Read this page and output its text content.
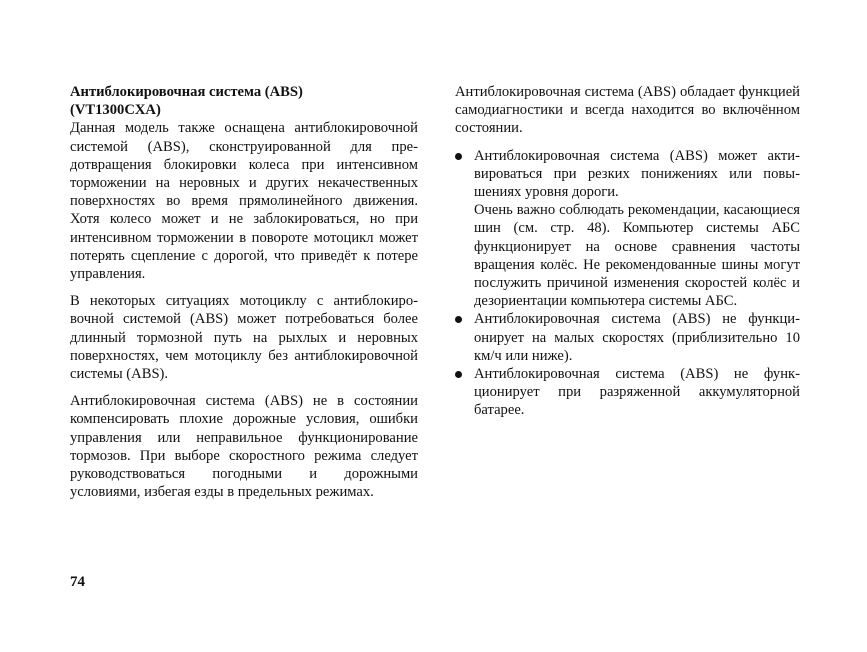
Антиблокировочная система (ABS)

(VT1300CXA)

Данная модель также оснащена антиблокировочной системой (ABS), сконструированной для предотвращения блокировки колеса при интенсивном торможении на неровных и других некачественных поверхностях во время прямолинейного движения. Хотя колесо может и не заблокироваться, но при интенсивном торможении в повороте мотоцикл может потерять сцепление с дорогой, что приведёт к потере управления.

В некоторых ситуациях мотоциклу с антиблокировочной системой (ABS) может потребоваться более длинный тормозной путь на рыхлых и неровных поверхностях, чем мотоциклу без антиблокировочной системы (ABS).

Антиблокировочная система (ABS) не в состоянии компенсировать плохие дорожные условия, ошибки управления или неправильное функционирование тормозов. При выборе скоростного режима следует руководствоваться погодными и дорожными условиями, избегая езды в предельных режимах.

Антиблокировочная система (ABS) обладает функцией самодиагностики и всегда находится во включённом состоянии.

Антиблокировочная система (ABS) может активироваться при резких понижениях или повышениях уровня дороги.
Очень важно соблюдать рекомендации, касающиеся шин (см. стр. 48). Компьютер системы АБС функционирует на основе сравнения частоты вращения колёс. Не рекомендованные шины могут послужить причиной изменения скоростей колёс и дезориентации компьютера системы АБС.
Антиблокировочная система (ABS) не функционирует на малых скоростях (приблизительно 10 км/ч или ниже).
Антиблокировочная система (ABS) не функционирует при разряженной аккумуляторной батарее.
74
